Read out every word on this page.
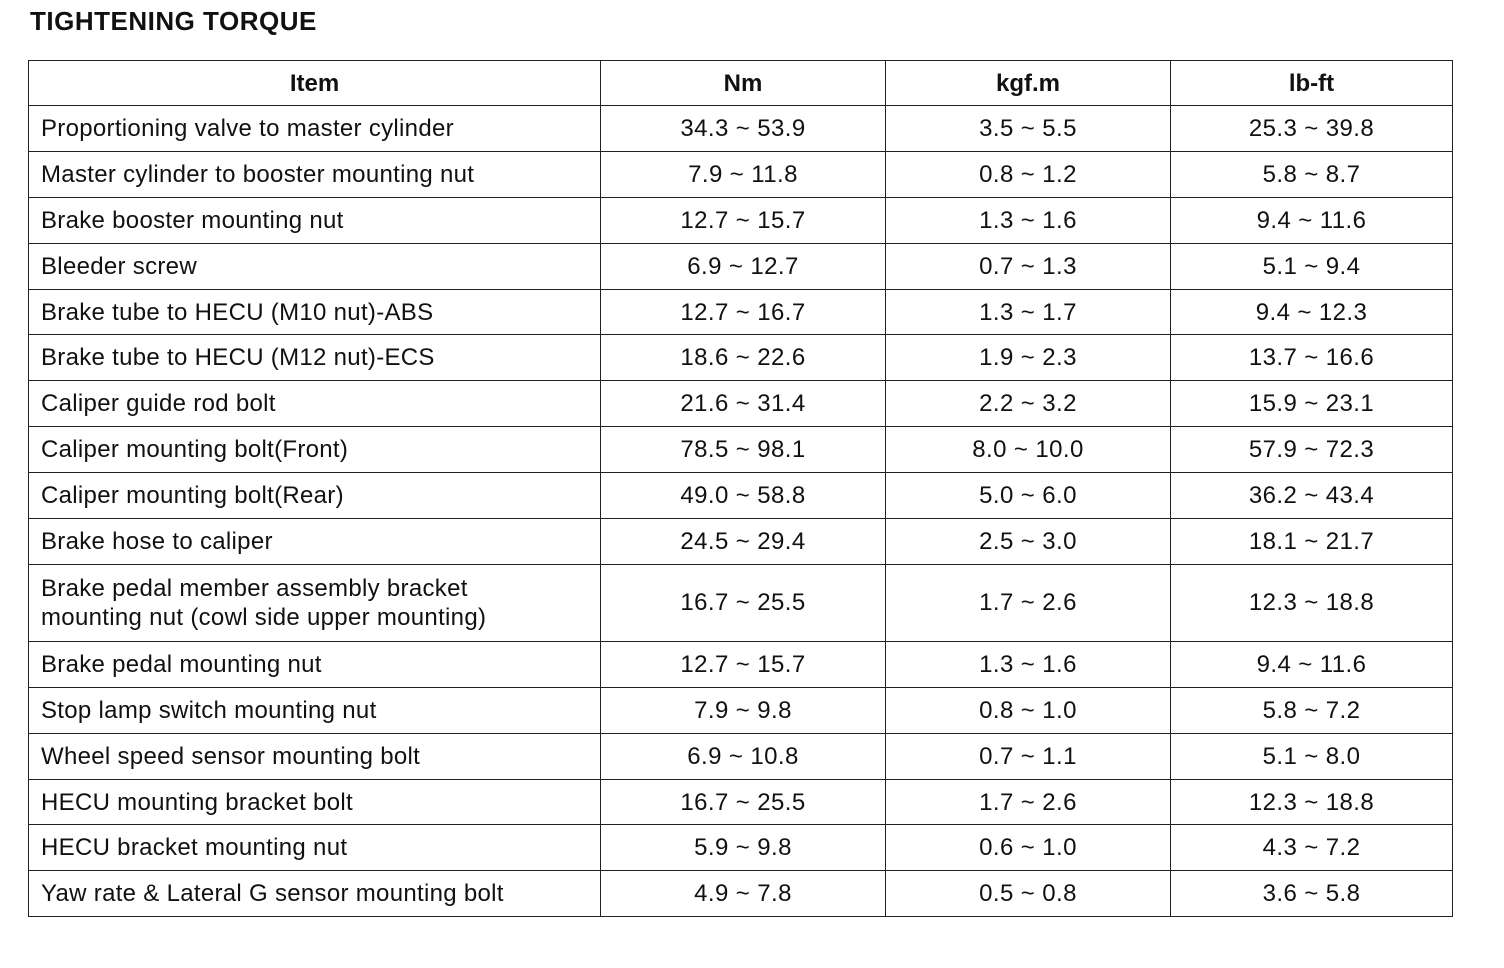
TIGHTENING TORQUE
Item	Nm	kgf.m	lb-ft
Proportioning valve to master cylinder	34.3 ~ 53.9	3.5 ~ 5.5	25.3 ~ 39.8
Master cylinder to booster mounting nut	7.9 ~ 11.8	0.8 ~ 1.2	5.8 ~ 8.7
Brake booster mounting nut	12.7 ~ 15.7	1.3 ~ 1.6	9.4 ~ 11.6
Bleeder screw	6.9 ~ 12.7	0.7 ~ 1.3	5.1 ~ 9.4
Brake tube to HECU (M10 nut)-ABS	12.7 ~ 16.7	1.3 ~ 1.7	9.4 ~ 12.3
Brake tube to HECU (M12 nut)-ECS	18.6 ~ 22.6	1.9 ~ 2.3	13.7 ~ 16.6
Caliper guide rod bolt	21.6 ~ 31.4	2.2 ~ 3.2	15.9 ~ 23.1
Caliper mounting bolt(Front)	78.5 ~ 98.1	8.0 ~ 10.0	57.9 ~ 72.3
Caliper mounting bolt(Rear)	49.0 ~ 58.8	5.0 ~ 6.0	36.2 ~ 43.4
Brake hose to caliper	24.5 ~ 29.4	2.5 ~ 3.0	18.1 ~ 21.7

Brake pedal member assembly bracket
mounting nut (cowl side upper mounting)	16.7 ~ 25.5	1.7 ~ 2.6	12.3 ~ 18.8
Brake pedal mounting nut	12.7 ~ 15.7	1.3 ~ 1.6	9.4 ~ 11.6
Stop lamp switch mounting nut	7.9 ~ 9.8	0.8 ~ 1.0	5.8 ~ 7.2
Wheel speed sensor mounting bolt	6.9 ~ 10.8	0.7 ~ 1.1	5.1 ~ 8.0
HECU mounting bracket bolt	16.7 ~ 25.5	1.7 ~ 2.6	12.3 ~ 18.8
HECU bracket mounting nut	5.9 ~ 9.8	0.6 ~ 1.0	4.3 ~ 7.2
Yaw rate & Lateral G sensor mounting bolt	4.9 ~ 7.8	0.5 ~ 0.8	3.6 ~ 5.8
